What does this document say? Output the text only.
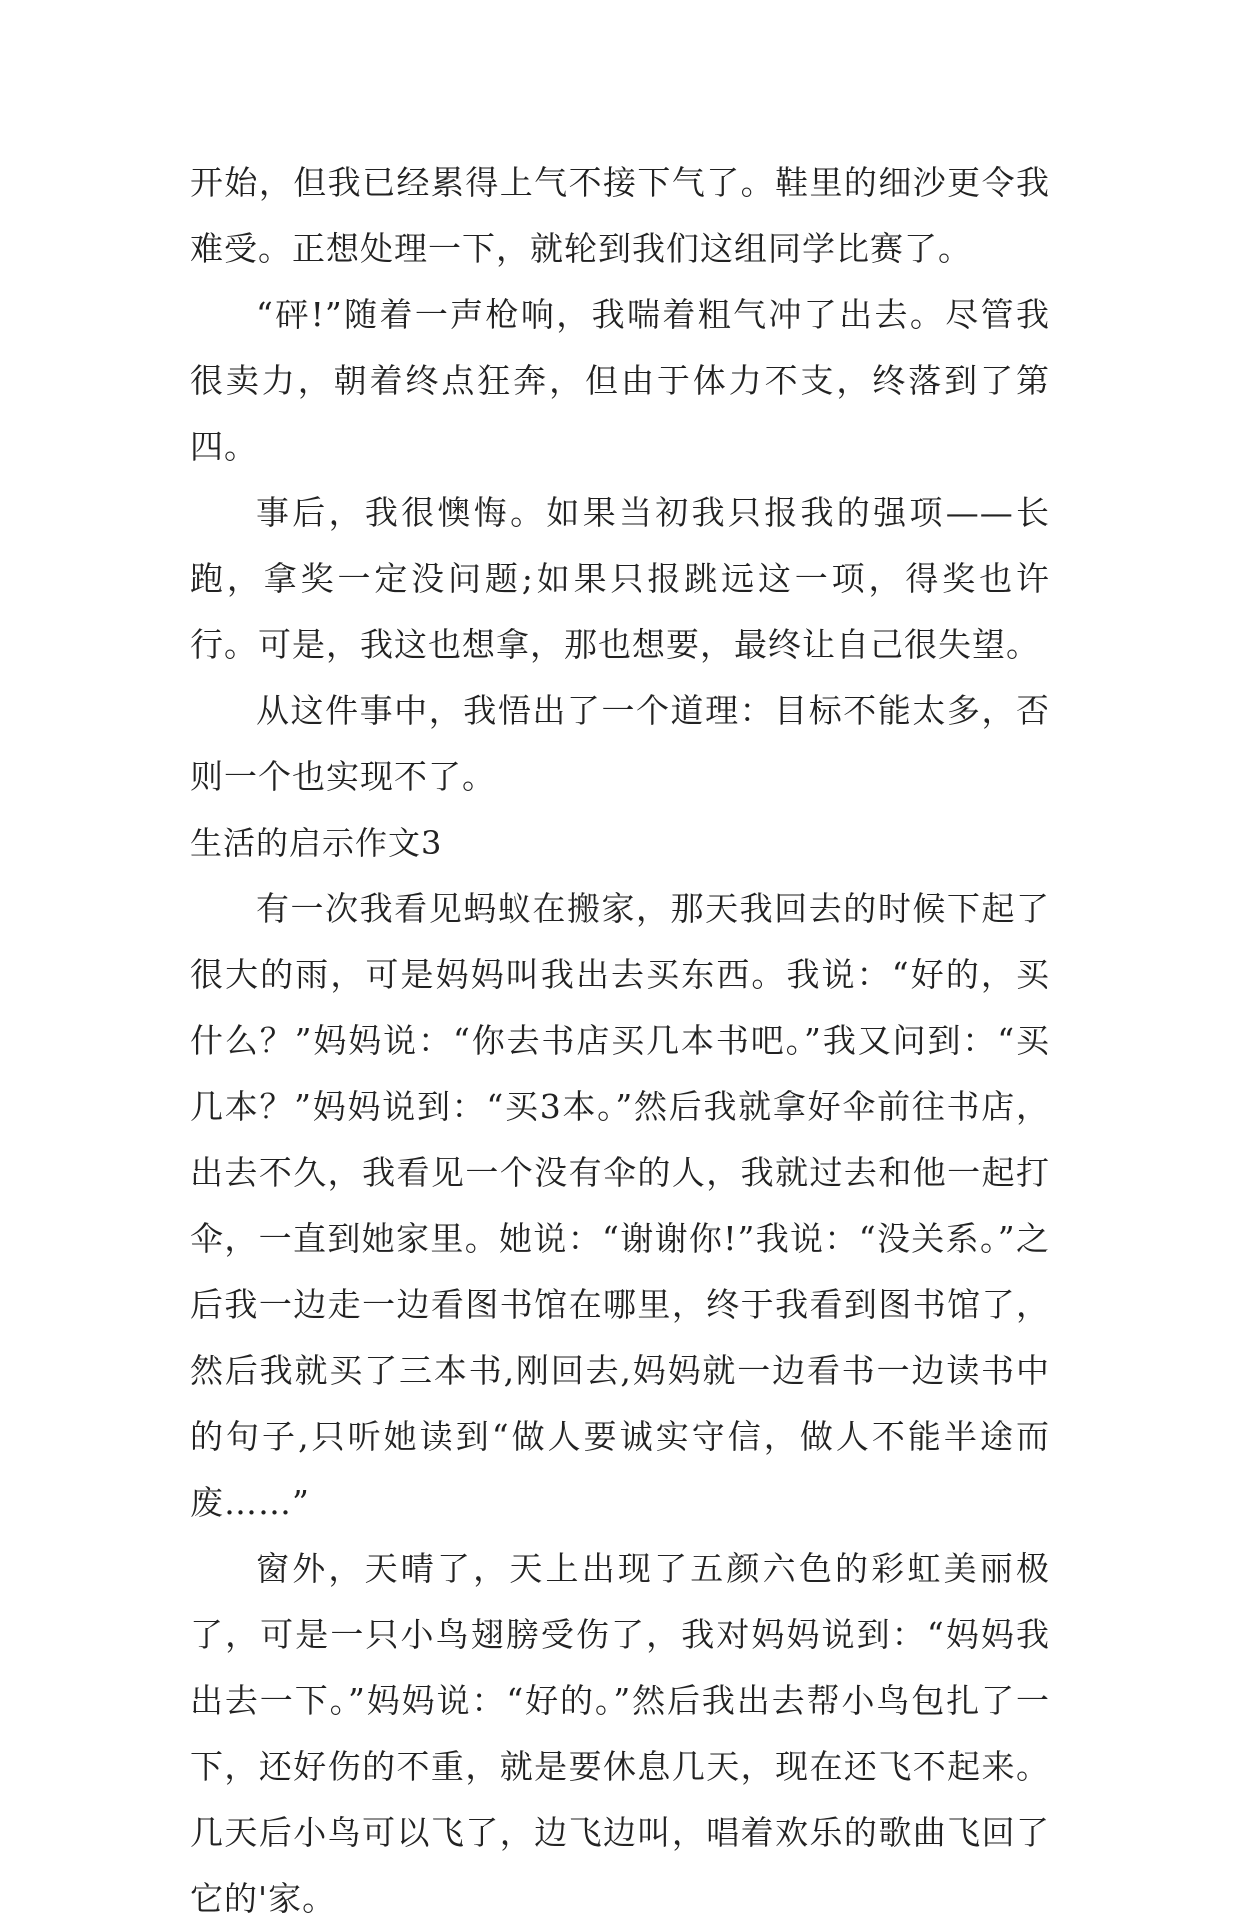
开始，但我已经累得上气不接下气了。鞋里的细沙更令我难受。正想处理一下，就轮到我们这组同学比赛了。

“砰!”随着一声枪响，我喘着粗气冲了出去。尽管我很卖力，朝着终点狂奔，但由于体力不支，终落到了第四。

事后，我很懊悔。如果当初我只报我的强项——长跑，拿奖一定没问题;如果只报跳远这一项，得奖也许行。可是，我这也想拿，那也想要，最终让自己很失望。

从这件事中，我悟出了一个道理：目标不能太多，否则一个也实现不了。

生活的启示作文3

有一次我看见蚂蚁在搬家，那天我回去的时候下起了很大的雨，可是妈妈叫我出去买东西。我说：“好的，买什么？”妈妈说：“你去书店买几本书吧。”我又问到：“买几本？”妈妈说到：“买3本。”然后我就拿好伞前往书店，出去不久，我看见一个没有伞的人，我就过去和他一起打伞，一直到她家里。她说：“谢谢你!”我说：“没关系。”之后我一边走一边看图书馆在哪里，终于我看到图书馆了，然后我就买了三本书,刚回去,妈妈就一边看书一边读书中的句子,只听她读到“做人要诚实守信，做人不能半途而废……”

窗外，天晴了，天上出现了五颜六色的彩虹美丽极了，可是一只小鸟翅膀受伤了，我对妈妈说到：“妈妈我出去一下。”妈妈说：“好的。”然后我出去帮小鸟包扎了一下，还好伤的不重，就是要休息几天，现在还飞不起来。几天后小鸟可以飞了，边飞边叫，唱着欢乐的歌曲飞回了它的'家。
